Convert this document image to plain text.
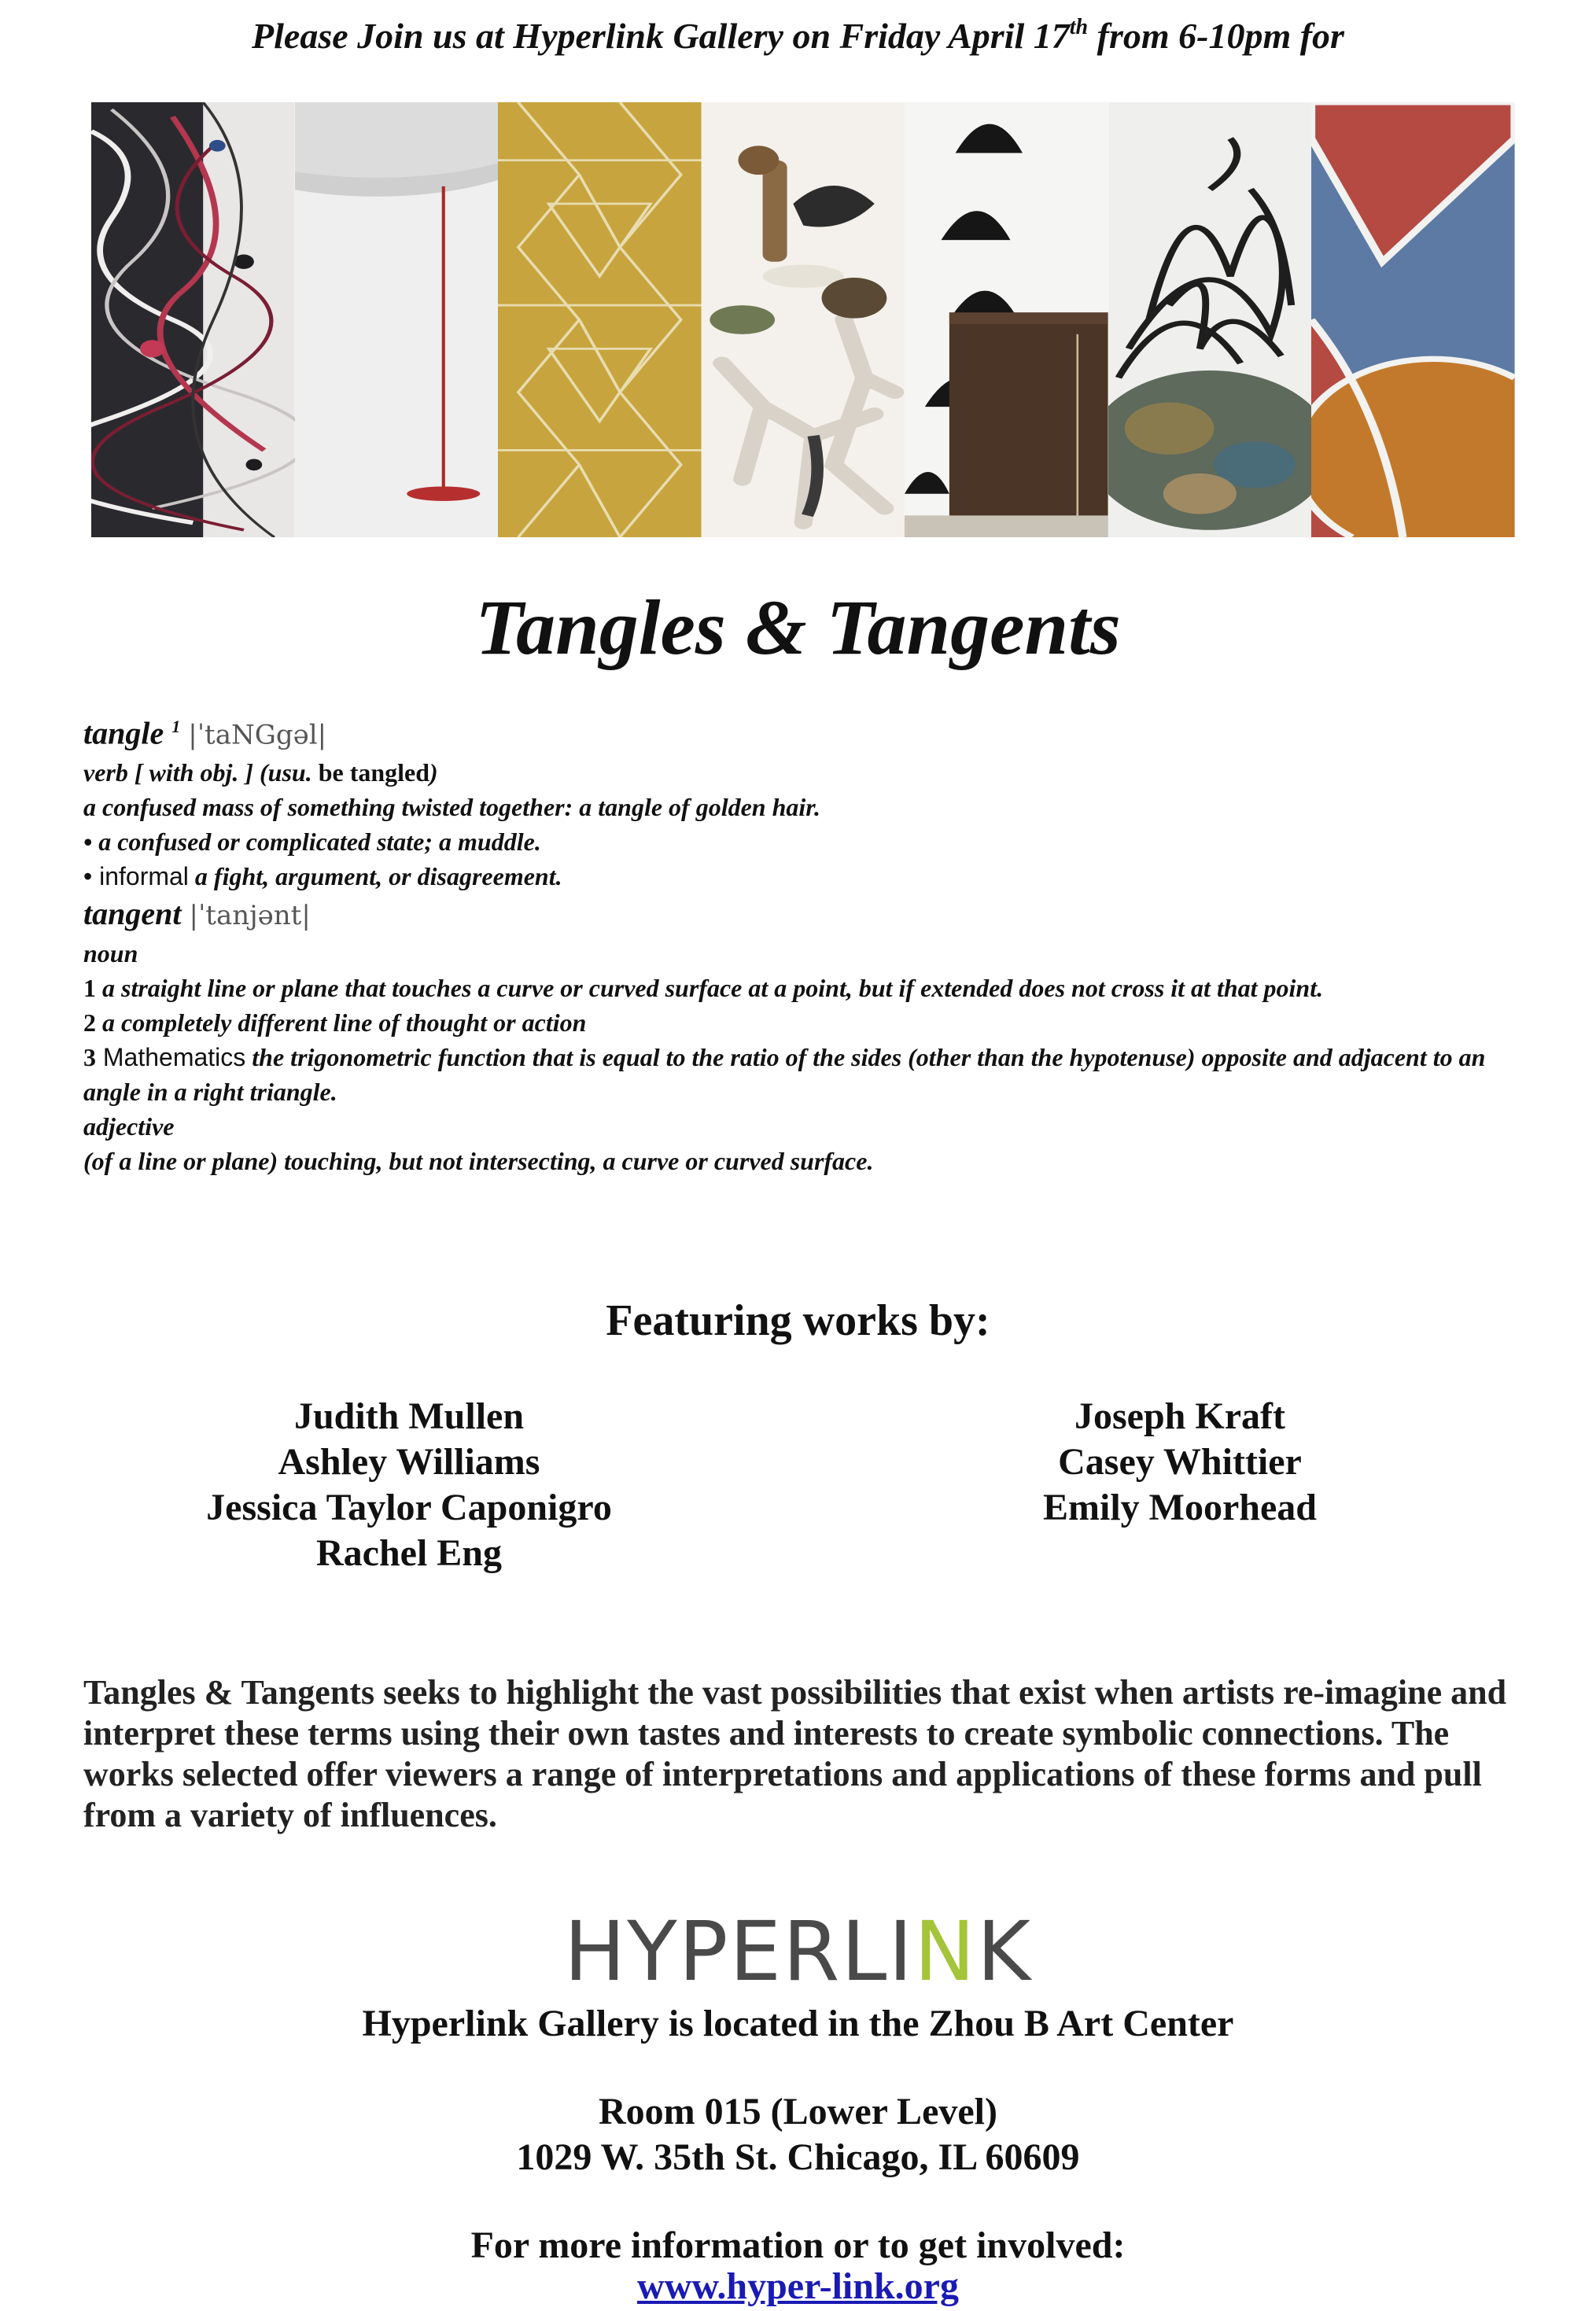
Please Join us at Hyperlink Gallery on Friday April 17th from 6-10pm for
Tangles & Tangents
tangle $^1$ |ˈtaNGgəl|
verb [ with obj. ] (usu. be tangled)
a confused mass of something twisted together: a tangle of golden hair.
• a confused or complicated state; a muddle.
• informal a fight, argument, or disagreement.
tangent |ˈtanjənt|
noun
1 a straight line or plane that touches a curve or curved surface at a point, but if extended does not cross it at that point.
2 a completely different line of thought or action
3 Mathematics the trigonometric function that is equal to the ratio of the sides (other than the hypotenuse) opposite and adjacent to an angle in a right triangle.
adjective
(of a line or plane) touching, but not intersecting, a curve or curved surface.
Featuring works by:
Judith Mullen
Ashley Williams
Jessica Taylor Caponigro
Rachel Eng
Joseph Kraft
Casey Whittier
Emily Moorhead
Tangles & Tangents seeks to highlight the vast possibilities that exist when artists re-imagine and interpret these terms using their own tastes and interests to create symbolic connections. The works selected offer viewers a range of interpretations and applications of these forms and pull from a variety of influences.
HYPERLINK
Hyperlink Gallery is located in the Zhou B Art Center
Room 015 (Lower Level)
1029 W. 35th St. Chicago, IL 60609
For more information or to get involved:
www.hyper-link.org
